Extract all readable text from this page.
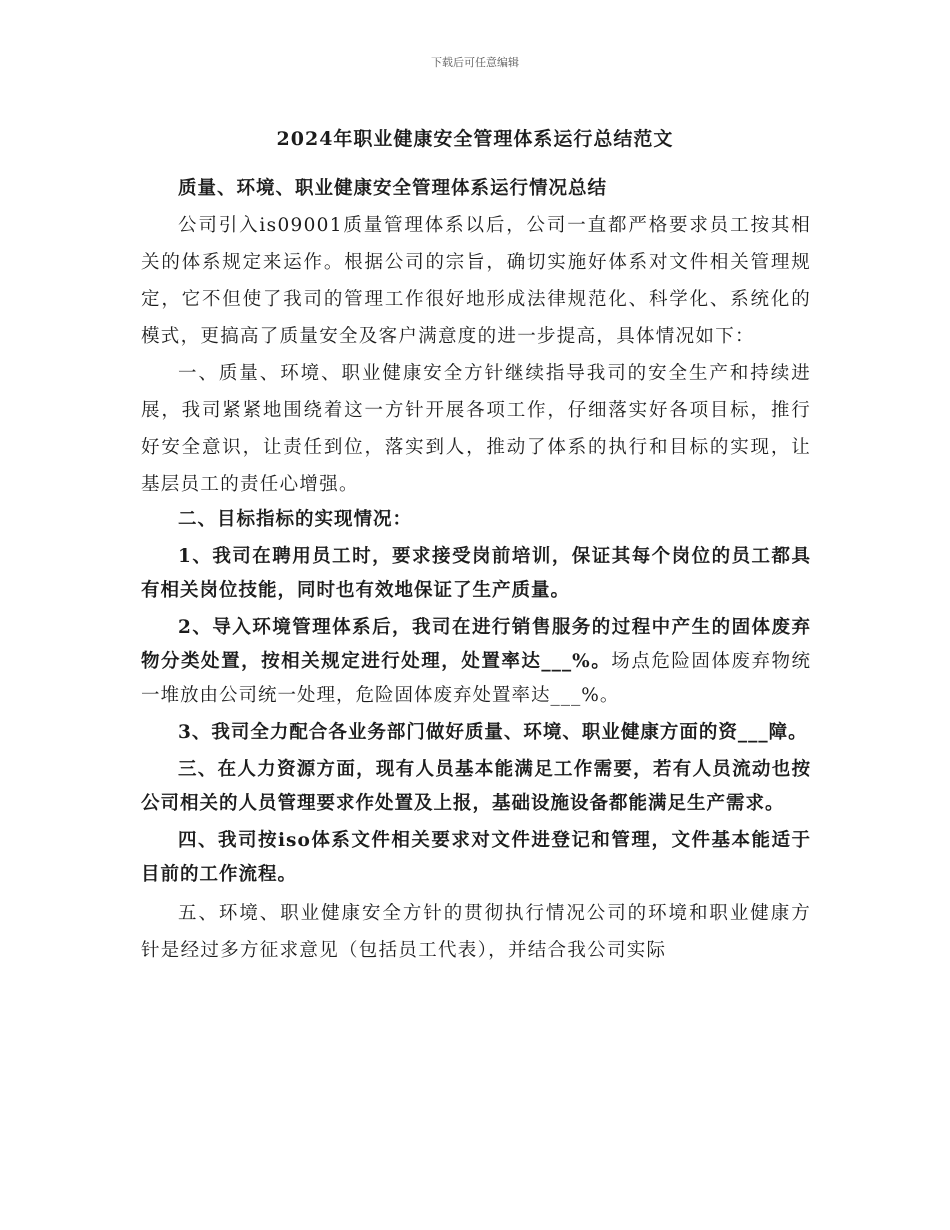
下载后可任意编辑
2024年职业健康安全管理体系运行总结范文

质量、环境、职业健康安全管理体系运行情况总结

公司引入is09001质量管理体系以后，公司一直都严格要求员工按其相关的体系规定来运作。根据公司的宗旨，确切实施好体系对文件相关管理规定，它不但使了我司的管理工作很好地形成法律规范化、科学化、系统化的模式，更搞高了质量安全及客户满意度的进一步提高，具体情况如下：

一、质量、环境、职业健康安全方针继续指导我司的安全生产和持续进展，我司紧紧地围绕着这一方针开展各项工作，仔细落实好各项目标，推行好安全意识，让责任到位，落实到人，推动了体系的执行和目标的实现，让基层员工的责任心增强。

二、目标指标的实现情况：

1、我司在聘用员工时，要求接受岗前培训，保证其每个岗位的员工都具有相关岗位技能，同时也有效地保证了生产质量。

2、导入环境管理体系后，我司在进行销售服务的过程中产生的固体废弃物分类处置，按相关规定进行处理，处置率达___%。场点危险固体废弃物统一堆放由公司统一处理，危险固体废弃处置率达___%。

3、我司全力配合各业务部门做好质量、环境、职业健康方面的资___障。

三、在人力资源方面，现有人员基本能满足工作需要，若有人员流动也按公司相关的人员管理要求作处置及上报，基础设施设备都能满足生产需求。

四、我司按iso体系文件相关要求对文件进登记和管理，文件基本能适于目前的工作流程。

五、环境、职业健康安全方针的贯彻执行情况公司的环境和职业健康方针是经过多方征求意见（包括员工代表），并结合我公司实际
